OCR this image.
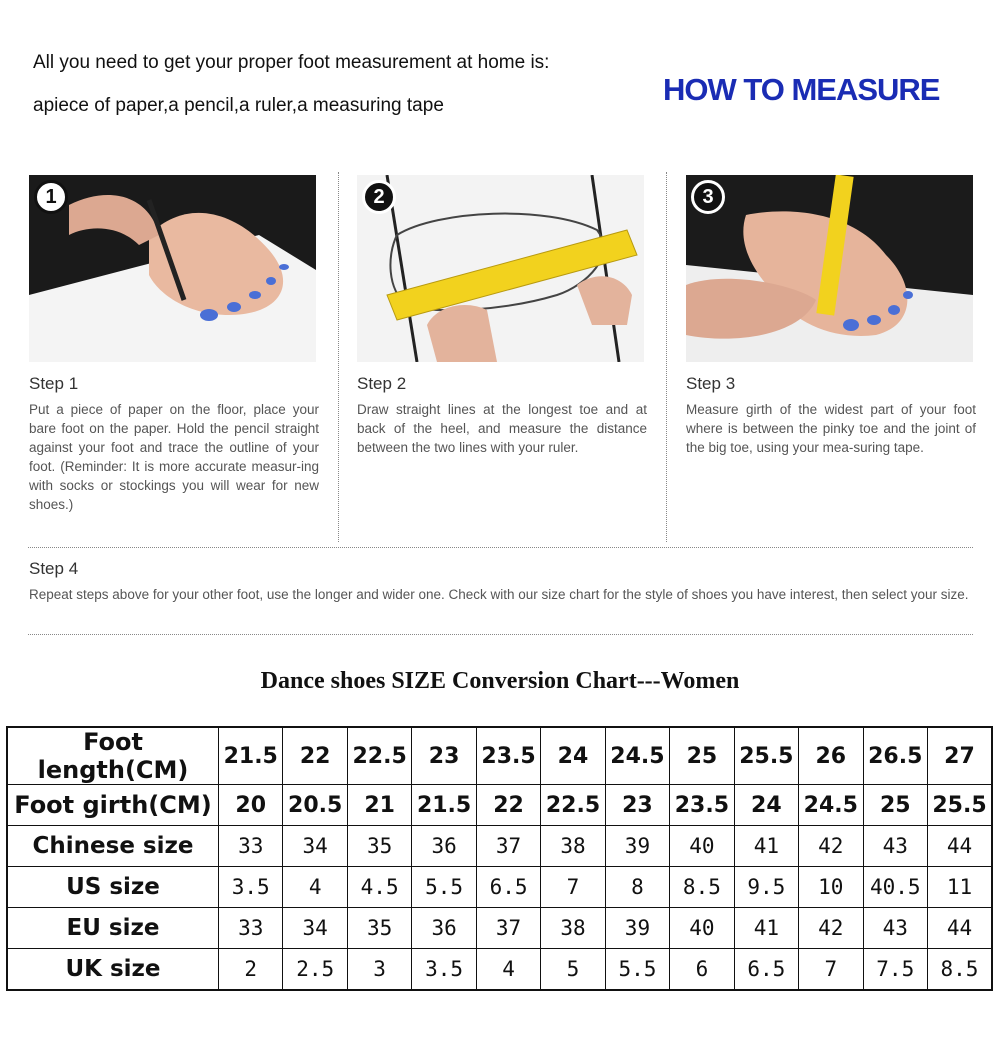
All you need to get your proper foot measurement at home is:
apiece of paper,a pencil,a ruler,a measuring tape	HOW TO MEASURE
1	2	3
Step 1
Put a piece of paper on the floor, place your bare foot on the paper. Hold the pencil straight against your foot and trace the outline of your foot. (Reminder: It is more accurate measur-ing with socks or stockings you will wear for new shoes.)
Step 2
Draw straight lines at the longest toe and at back of the heel, and measure the distance between the two lines with your ruler.
Step 3
Measure girth of the widest part of your foot where is between the pinky toe and the joint of the big toe, using your mea-suring tape.
Step 4
Repeat steps above for your other foot, use the longer and wider one. Check with our size chart for the style of shoes you have interest, then select your size.
Dance shoes SIZE Conversion Chart---Women
Foot length(CM)	21.5	22	22.5	23	23.5	24	24.5	25	25.5	26	26.5	27
Foot girth(CM)	20	20.5	21	21.5	22	22.5	23	23.5	24	24.5	25	25.5
Chinese size	33	34	35	36	37	38	39	40	41	42	43	44
US size	3.5	4	4.5	5.5	6.5	7	8	8.5	9.5	10	40.5	11
EU size	33	34	35	36	37	38	39	40	41	42	43	44
UK size	2	2.5	3	3.5	4	5	5.5	6	6.5	7	7.5	8.5
